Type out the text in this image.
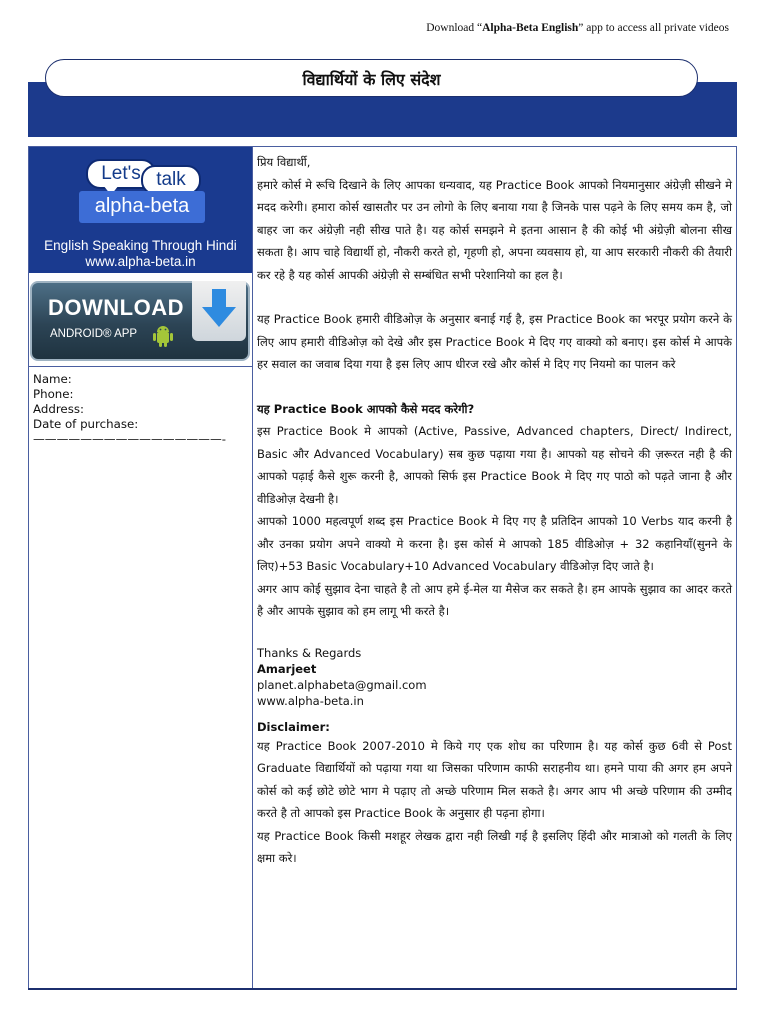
Download “Alpha-Beta English” app to access all private videos
विद्यार्थियों के लिए संदेश
Let's talk
alpha-beta
English Speaking Through Hindi
www.alpha-beta.in
DOWNLOAD
ANDROID® APP
Name:
Phone:
Address:
Date of purchase:
————————————————-

प्रिय विद्यार्थी,

हमारे कोर्स मे रूचि दिखाने के लिए आपका धन्यवाद, यह Practice Book आपको नियमानुसार अंग्रेज़ी सीखने मे मदद करेगी। हमारा कोर्स खासतौर पर उन लोगो के लिए बनाया गया है जिनके पास पढ़ने के लिए समय कम है, जो बाहर जा कर अंग्रेज़ी नही सीख पाते है। यह कोर्स समझने मे इतना आसान है की कोई भी अंग्रेज़ी बोलना सीख सकता है। आप चाहे विद्यार्थी हो, नौकरी करते हो, गृहणी हो, अपना व्यवसाय हो, या आप सरकारी नौकरी की तैयारी कर रहे है यह कोर्स आपकी अंग्रेज़ी से सम्बंधित सभी परेशानियो का हल है।

यह Practice Book हमारी वीडिओज़ के अनुसार बनाई गई है, इस Practice Book का भरपूर प्रयोग करने के लिए आप हमारी वीडिओज़ को देखे और इस Practice Book मे दिए गए वाक्यो को बनाए। इस कोर्स मे आपके हर सवाल का जवाब दिया गया है इस लिए आप धीरज रखे और कोर्स मे दिए गए नियमो का पालन करे

यह Practice Book आपको कैसे मदद करेगी?

इस Practice Book मे आपको (Active, Passive, Advanced chapters, Direct/ Indirect, Basic और Advanced Vocabulary) सब कुछ पढ़ाया गया है। आपको यह सोचने की ज़रूरत नही है की आपको पढ़ाई कैसे शुरू करनी है, आपको सिर्फ इस Practice Book मे दिए गए पाठो को पढ़ते जाना है और वीडिओज़ देखनी है।

आपको 1000 महत्वपूर्ण शब्द इस Practice Book मे दिए गए है प्रतिदिन आपको 10 Verbs याद करनी है और उनका प्रयोग अपने वाक्यो मे करना है। इस कोर्स मे आपको 185 वीडिओज़ + 32 कहानियाँ(सुनने के लिए)+53 Basic Vocabulary+10 Advanced Vocabulary वीडिओज़ दिए जाते है।

अगर आप कोई सुझाव देना चाहते है तो आप हमे ई-मेल या मैसेज कर सकते है। हम आपके सुझाव का आदर करते है और आपके सुझाव को हम लागू भी करते है।

Thanks & Regards

Amarjeet

planet.alphabeta@gmail.com

www.alpha-beta.in

Disclaimer:

यह Practice Book 2007-2010 मे किये गए एक शोध का परिणाम है। यह कोर्स कुछ 6वी से Post Graduate विद्यार्थियों को पढ़ाया गया था जिसका परिणाम काफी सराहनीय था। हमने पाया की अगर हम अपने कोर्स को कई छोटे छोटे भाग मे पढ़ाए तो अच्छे परिणाम मिल सकते है। अगर आप भी अच्छे परिणाम की उम्मीद करते है तो आपको इस Practice Book के अनुसार ही पढ़ना होगा।

यह Practice Book किसी मशहूर लेखक द्वारा नही लिखी गई है इसलिए हिंदी और मात्राओ को गलती के लिए क्षमा करे।
